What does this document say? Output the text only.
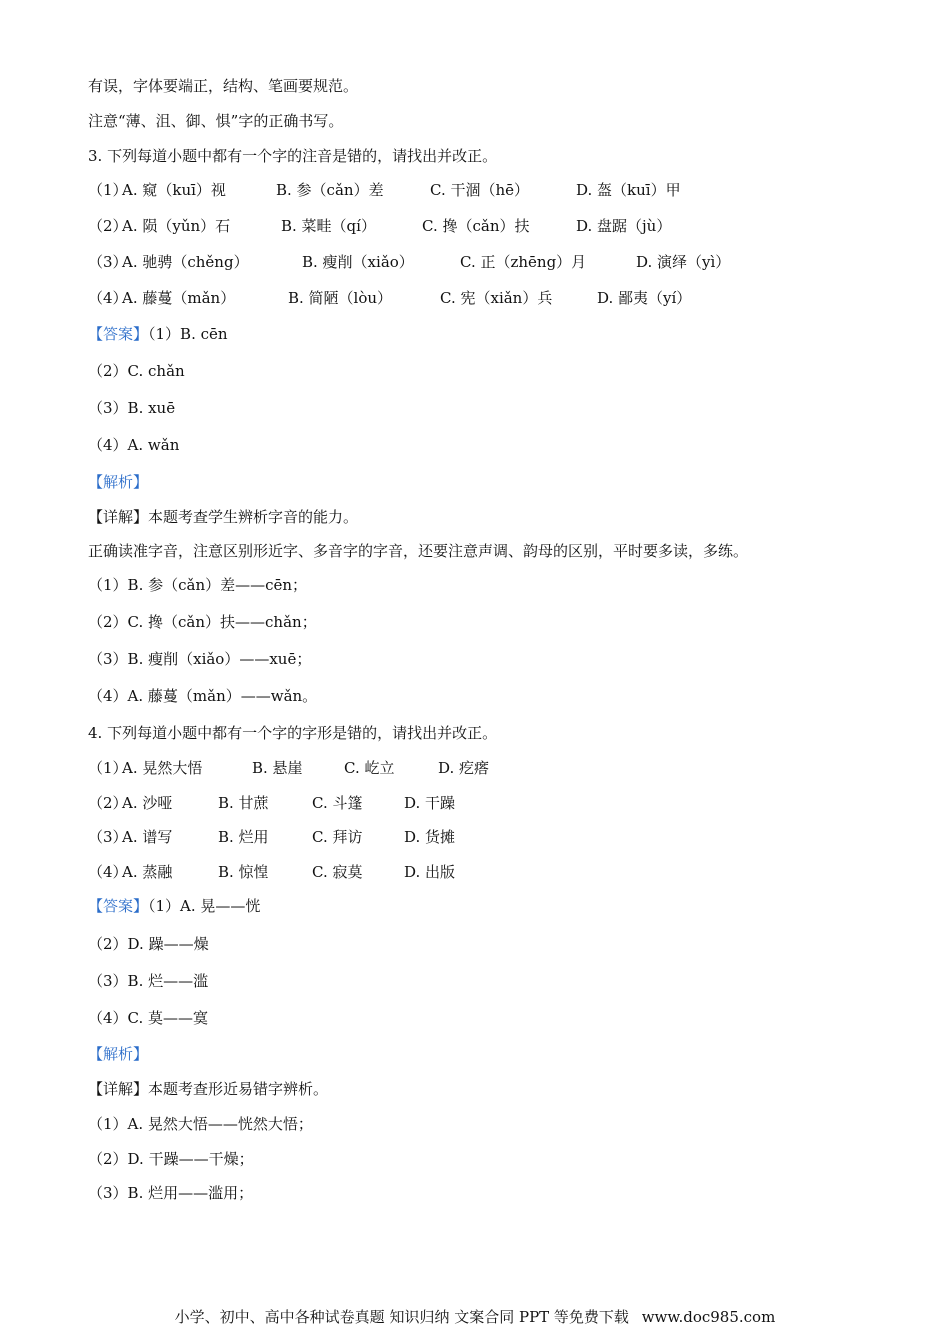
有误，字体要端正，结构、笔画要规范。
注意“薄、沮、御、惧”字的正确书写。
3. 下列每道小题中都有一个字的注音是错的，请找出并改正。
（1）
A. 窥（kuī）视	B. 参（cǎn）差	C. 干涸（hē）	D. 盔（kuī）甲
（2）
A. 陨（yǔn）石	B. 菜畦（qí）	C. 搀（cǎn）扶	D. 盘踞（jù）
（3）
A. 驰骋（chěng）	B. 瘦削（xiǎo）	C. 正（zhēng）月	D. 演绎（yì）
（4）
A. 藤蔓（mǎn）	B. 简陋（lòu）	C. 宪（xiǎn）兵	D. 鄙夷（yí）
【答案】（1）B. cēn
（2）C. chǎn
（3）B. xuē
（4）A. wǎn
【解析】
【详解】本题考查学生辨析字音的能力。
正确读准字音，注意区别形近字、多音字的字音，还要注意声调、韵母的区别，平时要多读，多练。
（1）B. 参（cǎn）差——cēn；
（2）C. 搀（cǎn）扶——chǎn；
（3）B. 瘦削（xiǎo）——xuē；
（4）A. 藤蔓（mǎn）——wǎn。
4. 下列每道小题中都有一个字的字形是错的，请找出并改正。
（1）
A. 晃然大悟	B. 悬崖	C. 屹立	D. 疙瘩
（2）
A. 沙哑	B. 甘蔗	C. 斗篷	D. 干躁
（3）
A. 谱写	B. 烂用	C. 拜访	D. 货摊
（4）
A. 蒸融	B. 惊惶	C. 寂莫	D. 出版
【答案】（1）A. 晃——恍
（2）D. 躁——燥
（3）B. 烂——滥
（4）C. 莫——寞
【解析】
【详解】本题考查形近易错字辨析。
（1）A. 晃然大悟——恍然大悟；
（2）D. 干躁——干燥；
（3）B. 烂用——滥用；
小学、初中、高中各种试卷真题 知识归纳 文案合同 PPT 等免费下载 www.doc985.com
